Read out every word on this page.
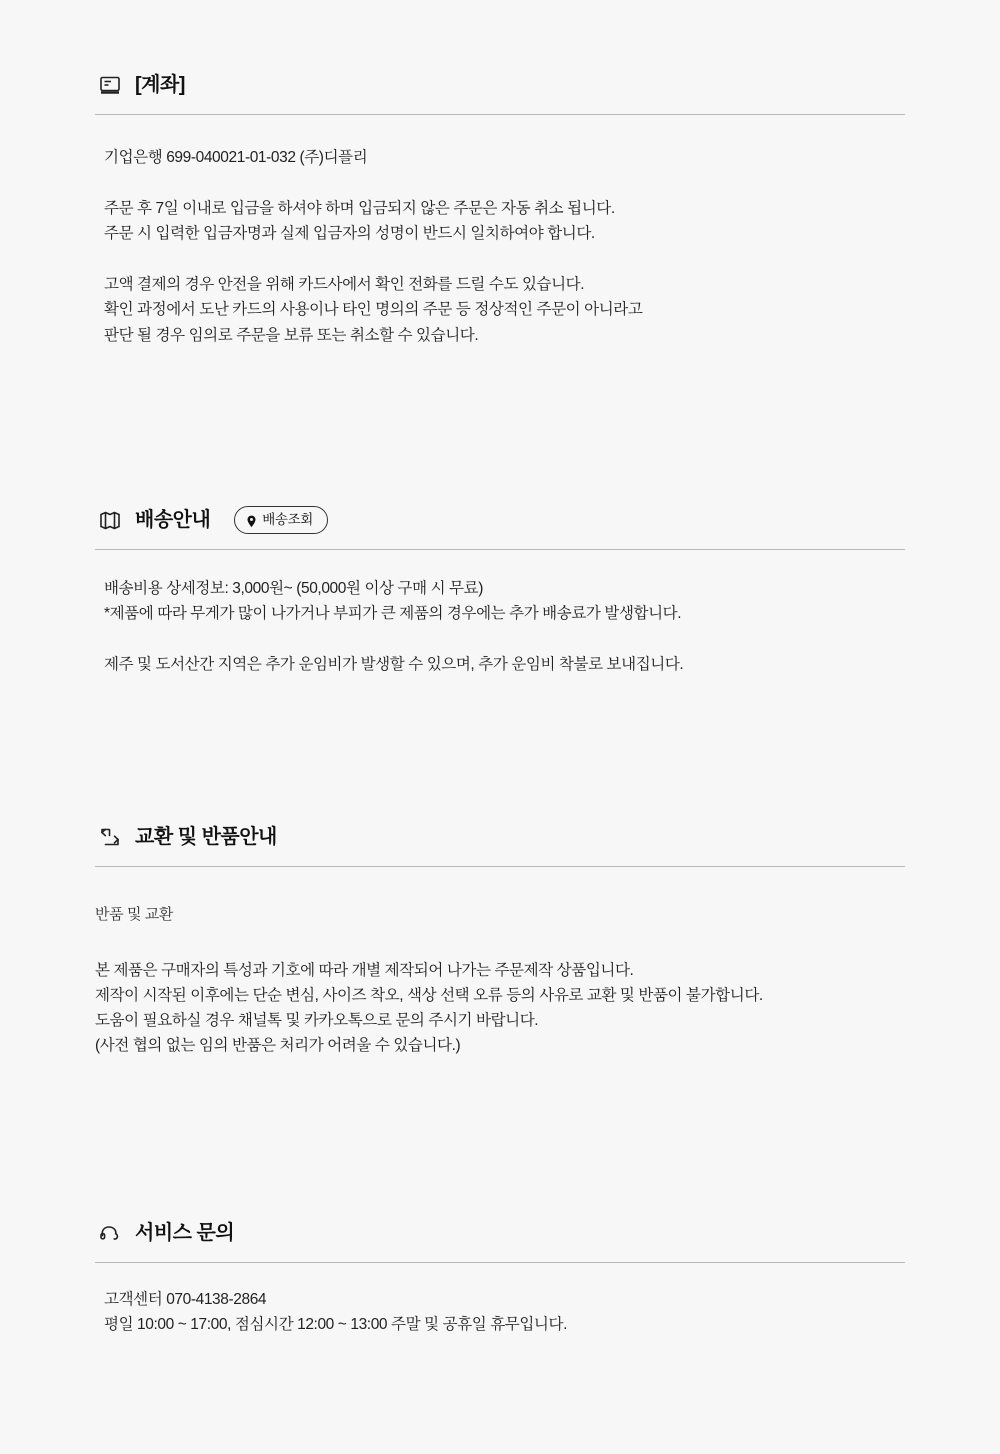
[계좌]

기업은행 699-040021-01-032 (주)디플리

주문 후 7일 이내로 입금을 하셔야 하며 입금되지 않은 주문은 자동 취소 됩니다.

주문 시 입력한 입금자명과 실제 입금자의 성명이 반드시 일치하여야 합니다.

고액 결제의 경우 안전을 위해 카드사에서 확인 전화를 드릴 수도 있습니다.

확인 과정에서 도난 카드의 사용이나 타인 명의의 주문 등 정상적인 주문이 아니라고

판단 될 경우 임의로 주문을 보류 또는 취소할 수 있습니다.

배송안내	배송조회

배송비용 상세정보: 3,000원~ (50,000원 이상 구매 시 무료)

*제품에 따라 무게가 많이 나가거나 부피가 큰 제품의 경우에는 추가 배송료가 발생합니다.

제주 및 도서산간 지역은 추가 운임비가 발생할 수 있으며, 추가 운임비 착불로 보내집니다.

교환 및 반품안내
반품 및 교환

본 제품은 구매자의 특성과 기호에 따라 개별 제작되어 나가는 주문제작 상품입니다.

제작이 시작된 이후에는 단순 변심, 사이즈 착오, 색상 선택 오류 등의 사유로 교환 및 반품이 불가합니다.

도움이 필요하실 경우 채널톡 및 카카오톡으로 문의 주시기 바랍니다.

(사전 협의 없는 임의 반품은 처리가 어려울 수 있습니다.)

서비스 문의

고객센터 070-4138-2864

평일 10:00 ~ 17:00, 점심시간 12:00 ~ 13:00 주말 및 공휴일 휴무입니다.
